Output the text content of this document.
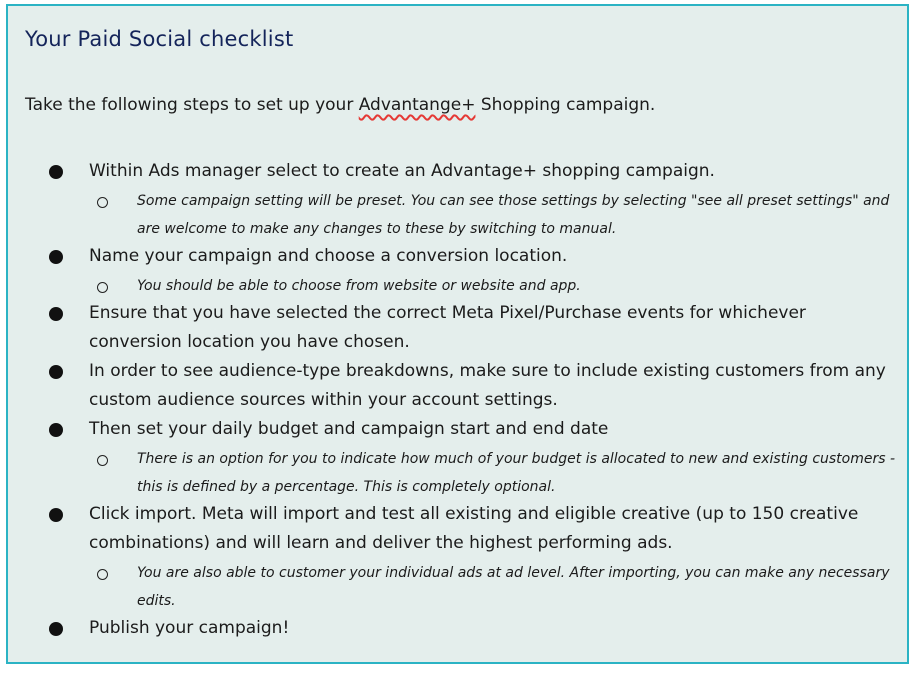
Your Paid Social checklist
Take the following steps to set up your Advantange+ Shopping campaign.
Within Ads manager select to create an Advantage+ shopping campaign.
Some campaign setting will be preset. You can see those settings by selecting "see all preset settings" and are welcome to make any changes to these by switching to manual.
Name your campaign and choose a conversion location.
You should be able to choose from website or website and app.
Ensure that you have selected the correct Meta Pixel/Purchase events for whichever conversion location you have chosen.
In order to see audience-type breakdowns, make sure to include existing customers from any custom audience sources within your account settings.
Then set your daily budget and campaign start and end date
There is an option for you to indicate how much of your budget is allocated to new and existing customers - this is defined by a percentage. This is completely optional.
Click import. Meta will import and test all existing and eligible creative (up to 150 creative combinations) and will learn and deliver the highest performing ads.
You are also able to customer your individual ads at ad level. After importing, you can make any necessary edits.
Publish your campaign!
